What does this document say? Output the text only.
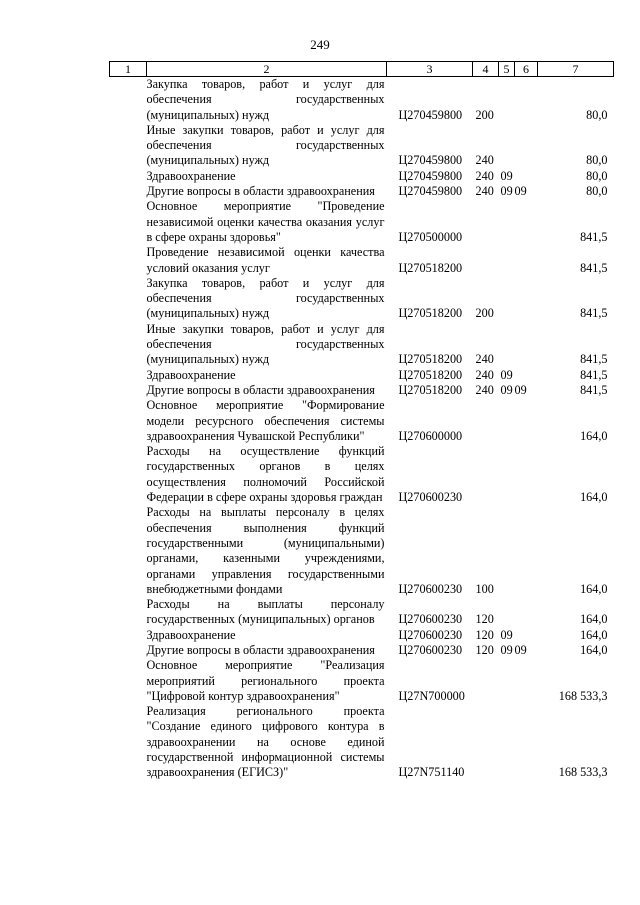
249
1	2	3	4	5	6	7
	Закупка товаров, работ и услуг для обеспечения государственных (муниципальных) нужд	Ц270459800	200			80,0
	Иные закупки товаров, работ и услуг для обеспечения государственных (муниципальных) нужд	Ц270459800	240			80,0
	Здравоохранение	Ц270459800	240	09		80,0
	Другие вопросы в области здравоохранения	Ц270459800	240	09	09	80,0
	Основное мероприятие "Проведение независимой оценки качества оказания услуг в сфере охраны здоровья"	Ц270500000				841,5
	Проведение независимой оценки качества условий оказания услуг	Ц270518200				841,5
	Закупка товаров, работ и услуг для обеспечения государственных (муниципальных) нужд	Ц270518200	200			841,5
	Иные закупки товаров, работ и услуг для обеспечения государственных (муниципальных) нужд	Ц270518200	240			841,5
	Здравоохранение	Ц270518200	240	09		841,5
	Другие вопросы в области здравоохранения	Ц270518200	240	09	09	841,5
	Основное мероприятие "Формирование модели ресурсного обеспечения системы здравоохранения Чувашской Республики"	Ц270600000				164,0
	Расходы на осуществление функций государственных органов в целях осуществления полномочий Российской Федерации в сфере охраны здоровья граждан	Ц270600230				164,0
	Расходы на выплаты персоналу в целях обеспечения выполнения функций государственными (муниципальными) органами, казенными учреждениями, органами управления государственными внебюджетными фондами	Ц270600230	100			164,0
	Расходы на выплаты персоналу государственных (муниципальных) органов	Ц270600230	120			164,0
	Здравоохранение	Ц270600230	120	09		164,0
	Другие вопросы в области здравоохранения	Ц270600230	120	09	09	164,0
	Основное мероприятие "Реализация мероприятий регионального проекта "Цифровой контур здравоохранения"	Ц27N700000				168 533,3
	Реализация регионального проекта "Создание единого цифрового контура в здравоохранении на основе единой государственной информационной системы здравоохранения (ЕГИСЗ)"	Ц27N751140				168 533,3
